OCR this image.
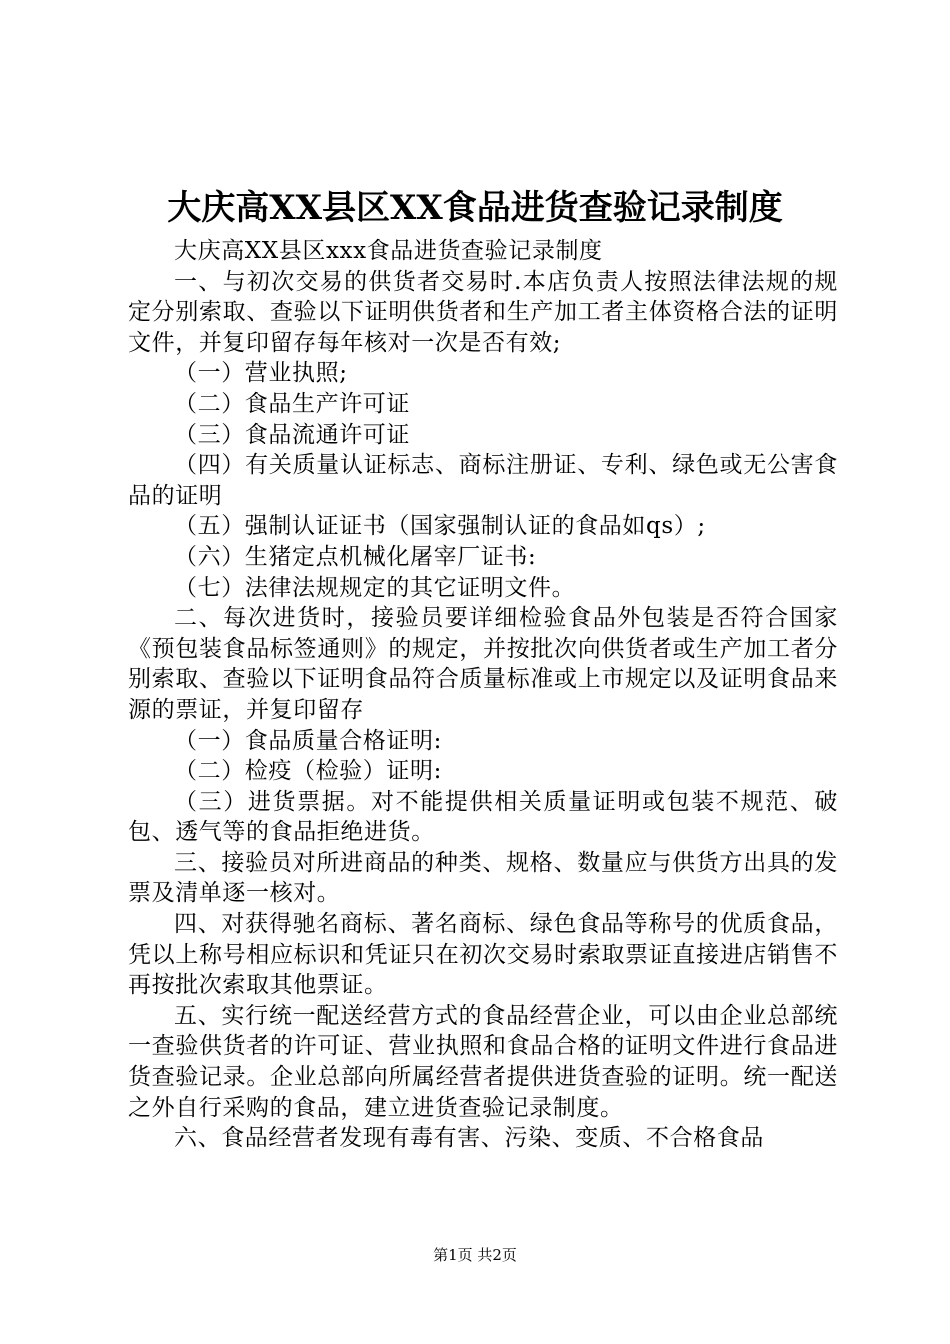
大庆高XX县区XX食品进货查验记录制度

大庆高XX县区xxx食品进货查验记录制度

一、与初次交易的供货者交易时.本店负责人按照法律法规的规定分别索取、查验以下证明供货者和生产加工者主体资格合法的证明文件，并复印留存每年核对一次是否有效;

（一）营业执照;

（二）食品生产许可证

（三）食品流通许可证

（四）有关质量认证标志、商标注册证、专利、绿色或无公害食品的证明

（五）强制认证证书（国家强制认证的食品如qs）;

（六）生猪定点机械化屠宰厂证书:

（七）法律法规规定的其它证明文件。

二、每次进货时，接验员要详细检验食品外包装是否符合国家《预包装食品标签通则》的规定，并按批次向供货者或生产加工者分别索取、查验以下证明食品符合质量标准或上市规定以及证明食品来源的票证，并复印留存

（一）食品质量合格证明:

（二）检疫（检验）证明:

（三）进货票据。对不能提供相关质量证明或包装不规范、破包、透气等的食品拒绝进货。

三、接验员对所进商品的种类、规格、数量应与供货方出具的发票及清单逐一核对。

四、对获得驰名商标、著名商标、绿色食品等称号的优质食品，凭以上称号相应标识和凭证只在初次交易时索取票证直接进店销售不再按批次索取其他票证。

五、实行统一配送经营方式的食品经营企业，可以由企业总部统一查验供货者的许可证、营业执照和食品合格的证明文件进行食品进货查验记录。企业总部向所属经营者提供进货查验的证明。统一配送之外自行采购的食品，建立进货查验记录制度。

六、食品经营者发现有毒有害、污染、变质、不合格食品

第1页 共2页
